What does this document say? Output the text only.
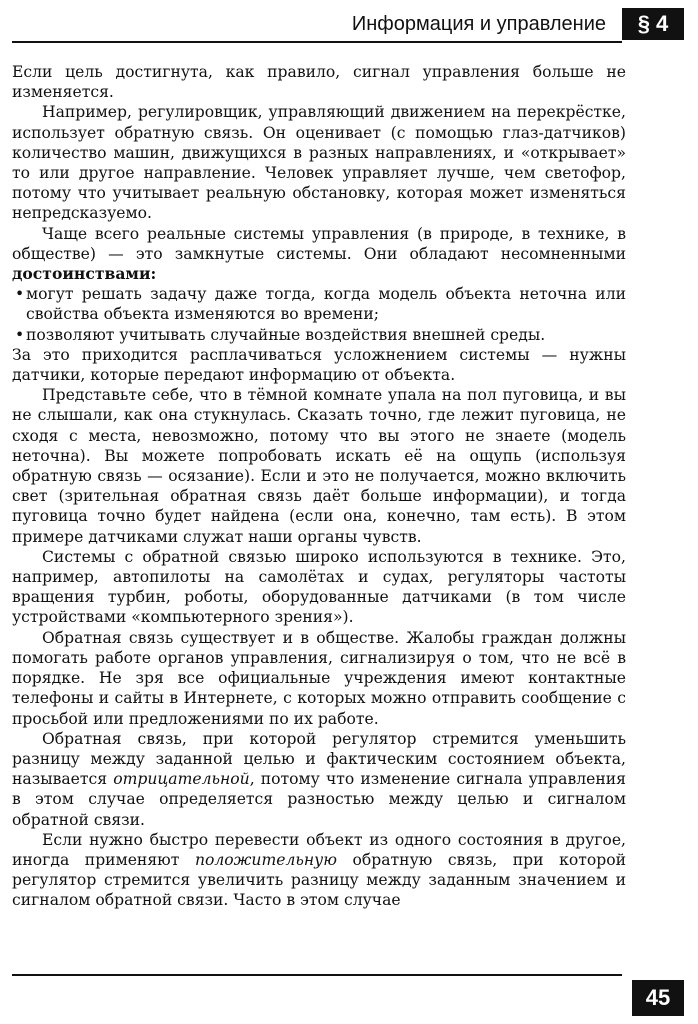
Информация и управление	§ 4

Если цель достигнута, как правило, сигнал управления больше не изменяется.

Например, регулировщик, управляющий движением на перекрёстке, использует обратную связь. Он оценивает (с помощью глаз-датчиков) количество машин, движущихся в разных направлениях, и «открывает» то или другое направление. Человек управляет лучше, чем светофор, потому что учитывает реальную обстановку, которая может изменяться непредсказуемо.

Чаще всего реальные системы управления (в природе, в технике, в обществе) — это замкнутые системы. Они обладают несомненными достоинствами:

• могут решать задачу даже тогда, когда модель объекта неточна или свойства объекта изменяются во времени;
• позволяют учитывать случайные воздействия внешней среды.

За это приходится расплачиваться усложнением системы — нужны датчики, которые передают информацию от объекта.

Представьте себе, что в тёмной комнате упала на пол пуговица, и вы не слышали, как она стукнулась. Сказать точно, где лежит пуговица, не сходя с места, невозможно, потому что вы этого не знаете (модель неточна). Вы можете попробовать искать её на ощупь (используя обратную связь — осязание). Если и это не получается, можно включить свет (зрительная обратная связь даёт больше информации), и тогда пуговица точно будет найдена (если она, конечно, там есть). В этом примере датчиками служат наши органы чувств.

Системы с обратной связью широко используются в технике. Это, например, автопилоты на самолётах и судах, регуляторы частоты вращения турбин, роботы, оборудованные датчиками (в том числе устройствами «компьютерного зрения»).

Обратная связь существует и в обществе. Жалобы граждан должны помогать работе органов управления, сигнализируя о том, что не всё в порядке. Не зря все официальные учреждения имеют контактные телефоны и сайты в Интернете, с которых можно отправить сообщение с просьбой или предложениями по их работе.

Обратная связь, при которой регулятор стремится уменьшить разницу между заданной целью и фактическим состоянием объекта, называется отрицательной, потому что изменение сигнала управления в этом случае определяется разностью между целью и сигналом обратной связи.

Если нужно быстро перевести объект из одного состояния в другое, иногда применяют положительную обратную связь, при которой регулятор стремится увеличить разницу между заданным значением и сигналом обратной связи. Часто в этом случае

45
